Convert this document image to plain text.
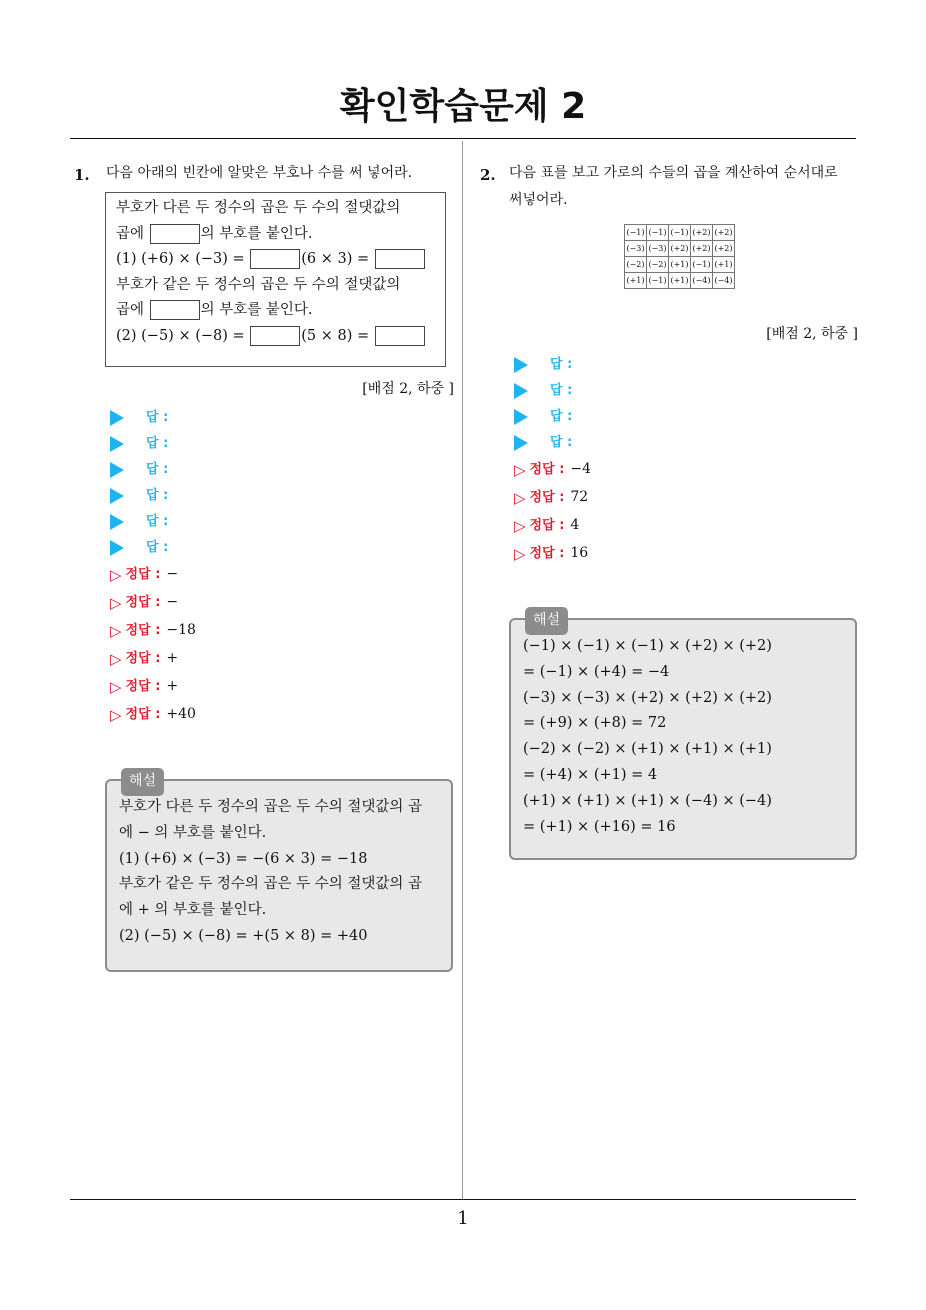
확인학습문제 2
1. 다음 아래의 빈칸에 알맞은 부호나 수를 써 넣어라.
부호가 다른 두 정수의 곱은 두 수의 절댓값의
곱에	의 부호를 붙인다.
(1) (+6) × (−3) =	(6 × 3) =
부호가 같은 두 정수의 곱은 두 수의 절댓값의
곱에	의 부호를 붙인다.
(2) (−5) × (−8) =	(5 × 8) =
[배점 2, 하중 ]
답 :
답 :
답 :
답 :
답 :
답 :
▷ 정답 : −
▷ 정답 : −
▷ 정답 : −18
▷ 정답 : +
▷ 정답 : +
▷ 정답 : +40
해설
부호가 다른 두 정수의 곱은 두 수의 절댓값의 곱
에 − 의 부호를 붙인다.
(1) (+6) × (−3) = −(6 × 3) = −18
부호가 같은 두 정수의 곱은 두 수의 절댓값의 곱
에 + 의 부호를 붙인다.
(2) (−5) × (−8) = +(5 × 8) = +40
2. 다음 표를 보고 가로의 수들의 곱을 계산하여 순서대로
써넣어라.
(−1)	(−1)	(−1)	(+2)	(+2)
(−3)	(−3)	(+2)	(+2)	(+2)
(−2)	(−2)	(+1)	(−1)	(+1)
(+1)	(−1)	(+1)	(−4)	(−4)
[배점 2, 하중 ]
답 :
답 :
답 :
답 :
▷ 정답 : −4
▷ 정답 : 72
▷ 정답 : 4
▷ 정답 : 16
해설
(−1) × (−1) × (−1) × (+2) × (+2)
= (−1) × (+4) = −4
(−3) × (−3) × (+2) × (+2) × (+2)
= (+9) × (+8) = 72
(−2) × (−2) × (+1) × (+1) × (+1)
= (+4) × (+1) = 4
(+1) × (+1) × (+1) × (−4) × (−4)
= (+1) × (+16) = 16
1
